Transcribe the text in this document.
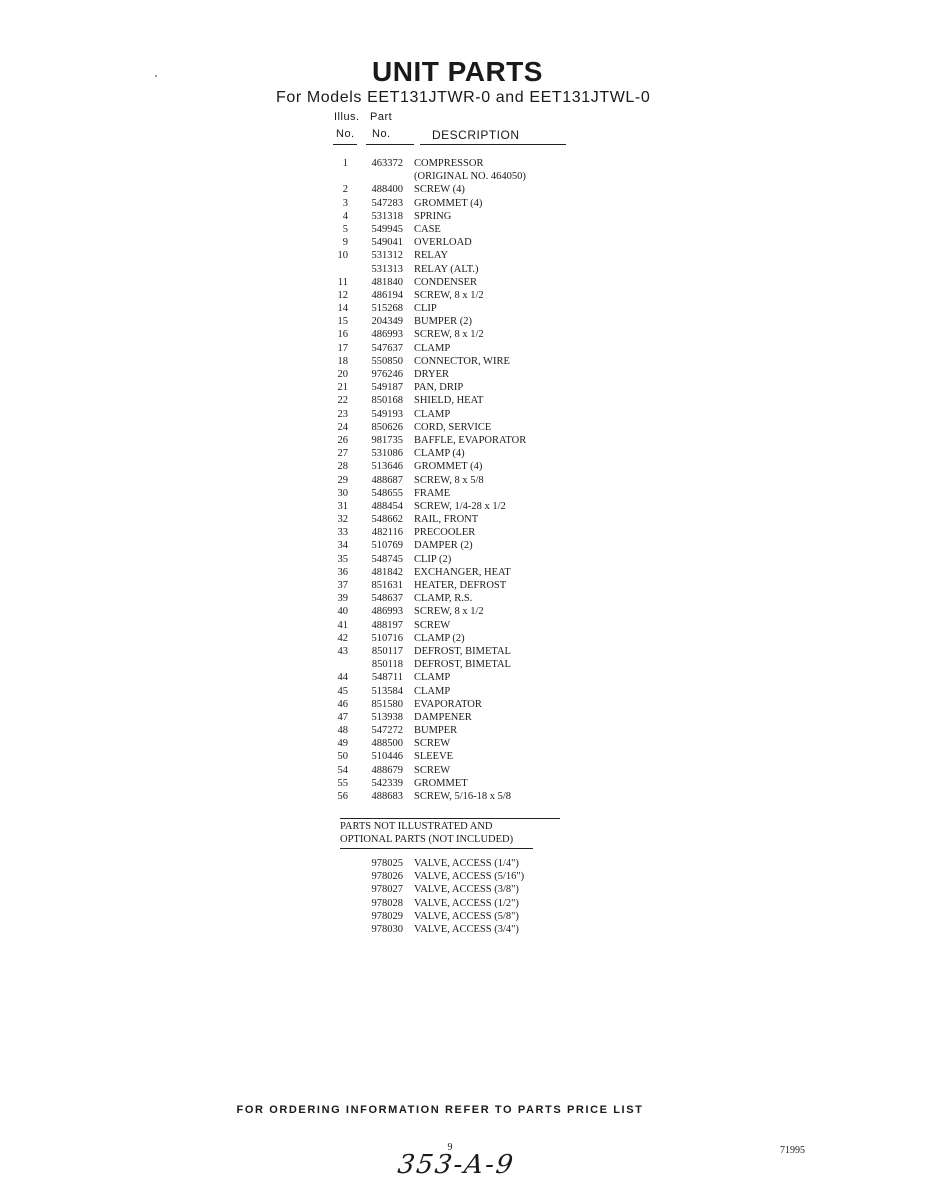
UNIT PARTS
For Models EET131JTWR-0 and EET131JTWL-0
Illus. Part
No. No.	DESCRIPTION
1	463372 COMPRESSOR
(ORIGINAL NO. 464050)
2	488400 SCREW (4)
3	547283 GROMMET (4)
4	531318 SPRING
5	549945 CASE
9	549041 OVERLOAD
10	531312 RELAY
531313 RELAY (ALT.)
11	481840 CONDENSER
12	486194 SCREW, 8 x 1/2
14	515268 CLIP
15	204349 BUMPER (2)
16	486993 SCREW, 8 x 1/2
17	547637 CLAMP
18	550850 CONNECTOR, WIRE
20	976246 DRYER
21	549187 PAN, DRIP
22	850168 SHIELD, HEAT
23	549193 CLAMP
24	850626 CORD, SERVICE
26	981735 BAFFLE, EVAPORATOR
27	531086 CLAMP (4)
28	513646 GROMMET (4)
29	488687 SCREW, 8 x 5/8
30	548655 FRAME
31	488454 SCREW, 1/4-28 x 1/2
32	548662 RAIL, FRONT
33	482116 PRECOOLER
34	510769 DAMPER (2)
35	548745 CLIP (2)
36	481842 EXCHANGER, HEAT
37	851631 HEATER, DEFROST
39	548637 CLAMP, R.S.
40	486993 SCREW, 8 x 1/2
41	488197 SCREW
42	510716 CLAMP (2)
43	850117 DEFROST, BIMETAL
850118 DEFROST, BIMETAL
44	548711 CLAMP
45	513584 CLAMP
46	851580 EVAPORATOR
47	513938 DAMPENER
48	547272 BUMPER
49	488500 SCREW
50	510446 SLEEVE
54	488679 SCREW
55	542339 GROMMET
56	488683 SCREW, 5/16-18 x 5/8
PARTS NOT ILLUSTRATED AND
OPTIONAL PARTS (NOT INCLUDED)
978025 VALVE, ACCESS (1/4")
978026 VALVE, ACCESS (5/16")
978027 VALVE, ACCESS (3/8")
978028 VALVE, ACCESS (1/2")
978029 VALVE, ACCESS (5/8")
978030 VALVE, ACCESS (3/4")
FOR ORDERING INFORMATION REFER TO PARTS PRICE LIST
9	71995
353-A-9
